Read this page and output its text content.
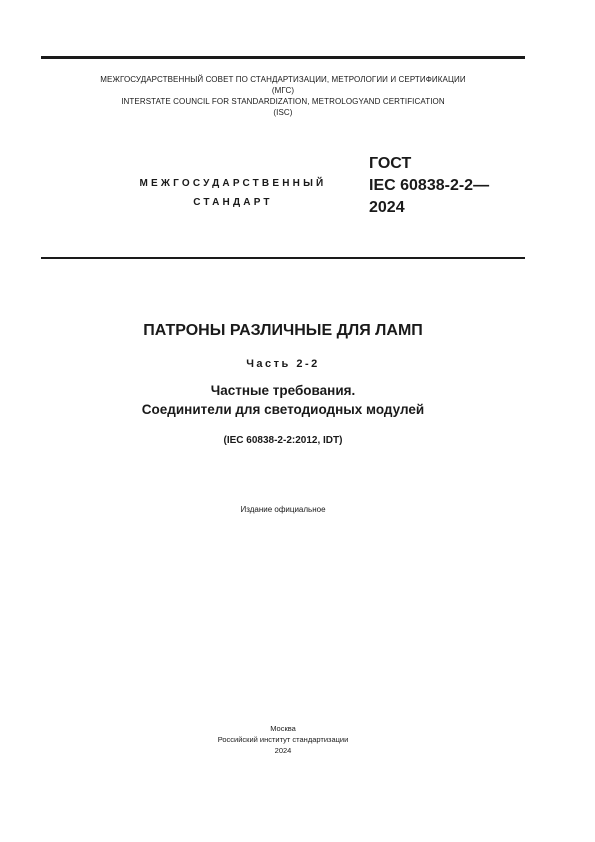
МЕЖГОСУДАРСТВЕННЫЙ СОВЕТ ПО СТАНДАРТИЗАЦИИ, МЕТРОЛОГИИ И СЕРТИФИКАЦИИ
(МГС)
INTERSTATE COUNCIL FOR STANDARDIZATION, METROLOGYAND CERTIFICATION
(ISC)
МЕЖГОСУДАРСТВЕННЫЙ
СТАНДАРТ
ГОСТ
IEC 60838-2-2—
2024
ПАТРОНЫ РАЗЛИЧНЫЕ ДЛЯ ЛАМП
Часть 2-2
Частные требования.
Соединители для светодиодных модулей
(IEC 60838-2-2:2012, IDT)
Издание официальное
Москва
Российский институт стандартизации
2024
